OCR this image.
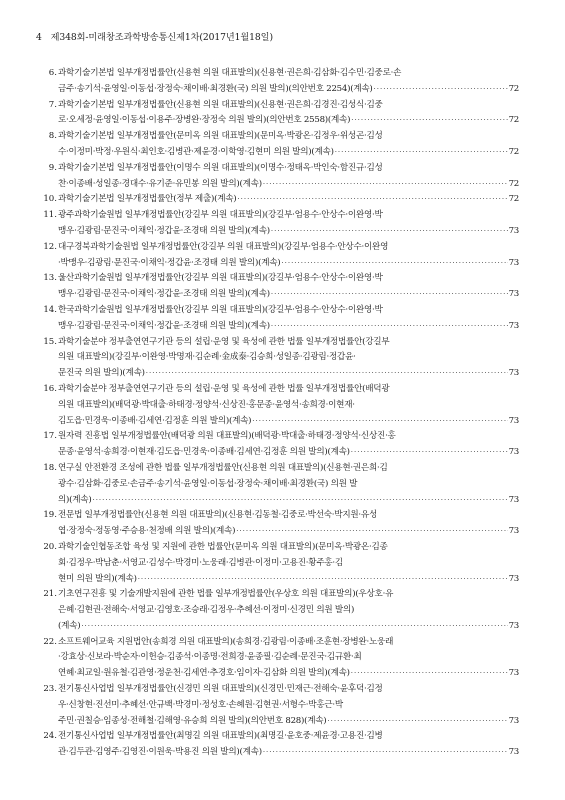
4 제348회-미래창조과학방송통신제1차(2017년1월18일)
6. 과학기술기본법 일부개정법률안(신용현 의원 대표발의)(신용현·권은희·김삼화·김수민·김중로·손
금주·송기석·윤영일·이동섭·장정숙·채이배·최경환(국) 의원 발의)(의안번호 2254)(계속) ·····	72
7. 과학기술기본법 일부개정법률안(신용현 의원 대표발의)(신용현·권은희·김경진·김성식·김중
로·오세정·윤영일·이동섭·이용주·장병완·장정숙 의원 발의)(의안번호 2558)(계속) ·····	72
8. 과학기술기본법 일부개정법률안(문미옥 의원 대표발의)(문미옥·박광온·김정우·위성곤·김성
수·이정미·박정·우원식·최인호·김병관·제윤경·이학영·김현미 의원 발의)(계속) ·····	72
9. 과학기술기본법 일부개정법률안(이명수 의원 대표발의)(이명수·정태옥·박인숙·함진규·김성
찬·이종배·성일종·경대수·유기준·유민봉 의원 발의)(계속) ·····	72
10. 과학기술기본법 일부개정법률안(정부 제출)(계속) ·····	72
11. 광주과학기술원법 일부개정법률안(강길부 의원 대표발의)(강길부·엄용수·안상수·이완영·박
맹우·김광림·문진국·이채익·정갑윤·조경태 의원 발의)(계속) ·····	73
12. 대구경북과학기술원법 일부개정법률안(강길부 의원 대표발의)(강길부·엄용수·안상수·이완영
·박맹우·김광림·문진국·이채익·정갑윤·조경태 의원 발의)(계속) ·····	73
13. 울산과학기술원법 일부개정법률안(강길부 의원 대표발의)(강길부·엄용수·안상수·이완영·박
맹우·김광림·문진국·이채익·정갑윤·조경태 의원 발의)(계속) ·····	73
14. 한국과학기술원법 일부개정법률안(강길부 의원 대표발의)(강길부·엄용수·안상수·이완영·박
맹우·김광림·문진국·이채익·정갑윤·조경태 의원 발의)(계속) ·····	73
15. 과학기술분야 정부출연연구기관 등의 설립·운영 및 육성에 관한 법률 일부개정법률안(강길부
의원 대표발의)(강길부·이완영·박명재·김순례·金成泰·김승희·성일종·김광림·정갑윤·
문진국 의원 발의)(계속) ·····	73
16. 과학기술분야 정부출연연구기관 등의 설립·운영 및 육성에 관한 법률 일부개정법률안(배덕광
의원 대표발의)(배덕광·박대출·하태경·정양석·신상진·홍문종·윤영석·송희경·이현재·
김도읍·민경욱·이종배·김세연·김정훈 의원 발의)(계속) ·····	73
17. 원자력 진흥법 일부개정법률안(배덕광 의원 대표발의)(배덕광·박대출·하태경·정양석·신상진·홍
문종·윤영석·송희경·이현재·김도읍·민경욱·이종배·김세연·김정훈 의원 발의)(계속) ·····	73
18. 연구실 안전환경 조성에 관한 법률 일부개정법률안(신용현 의원 대표발의)(신용현·권은희·김
광수·김삼화·김중로·손금주·송기석·윤영일·이동섭·장정숙·채이배·최경환(국) 의원 발
의)(계속) ·····	73
19. 전문법 일부개정법률안(신용현 의원 대표발의)(신용현·김동철·김중로·박선숙·박지원·유성
엽·장정숙·정동영·주승용·천정배 의원 발의)(계속) ·····	73
20. 과학기술인협동조합 육성 및 지원에 관한 법률안(문미옥 의원 대표발의)(문미옥·박광온·김종
회·김정우·박남춘·서영교·김성수·박경미·노웅래·김병관·이정미·고용진·황주홍·김
현미 의원 발의)(계속) ·····	73
21. 기초연구진흥 및 기술개발지원에 관한 법률 일부개정법률안(우상호 의원 대표발의)(우상호·유
은혜·김현권·전해숙·서영교·김영호·조승래·김정우·추혜선·이정미·신경민 의원 발의)
(계속) ·····	73
22. 소프트웨어교육 지원법안(송희경 의원 대표발의)(송희경·김광림·이종배·조훈현·장병완·노웅래
·강효상·신보라·박순자·이헌승·김종석·이종명·전희경·윤종필·김순례·문진국·김규환·최
연혜·최교일·원유철·김관영·정운천·김세연·추경호·임이자·김삼화 의원 발의)(계속) ·····	73
23. 전기통신사업법 일부개정법률안(신경민 의원 대표발의)(신경민·민재근·전해숙·윤후덕·김정
우·신창현·진선미·추혜선·안규백·박경미·정성호·손혜원·김현권·서형수·박홍근·박
주민·권칠승·임종성·전해철·김해영·유승희 의원 발의)(의안번호 828)(계속) ·····	73
24. 전기통신사업법 일부개정법률안(최명길 의원 대표발의)(최명길·윤호중·제윤경·고용진·김병
관·김두관·김영주·김영진·이원욱·박용진 의원 발의)(계속) ·····	73
